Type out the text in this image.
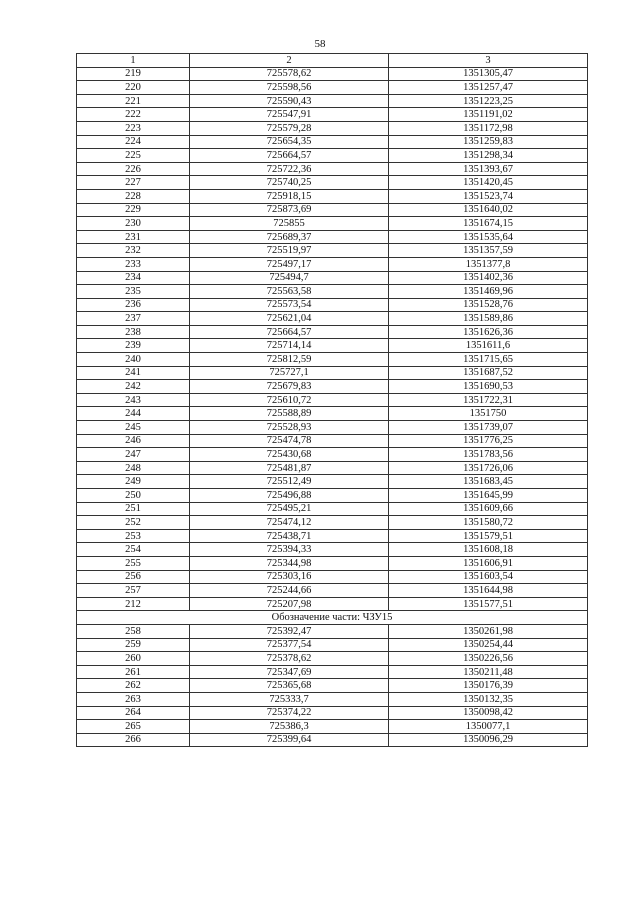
58
1	2	3
219	725578,62	1351305,47
220	725598,56	1351257,47
221	725590,43	1351223,25
222	725547,91	1351191,02
223	725579,28	1351172,98
224	725654,35	1351259,83
225	725664,57	1351298,34
226	725722,36	1351393,67
227	725740,25	1351420,45
228	725918,15	1351523,74
229	725873,69	1351640,02
230	725855	1351674,15
231	725689,37	1351535,64
232	725519,97	1351357,59
233	725497,17	1351377,8
234	725494,7	1351402,36
235	725563,58	1351469,96
236	725573,54	1351528,76
237	725621,04	1351589,86
238	725664,57	1351626,36
239	725714,14	1351611,6
240	725812,59	1351715,65
241	725727,1	1351687,52
242	725679,83	1351690,53
243	725610,72	1351722,31
244	725588,89	1351750
245	725528,93	1351739,07
246	725474,78	1351776,25
247	725430,68	1351783,56
248	725481,87	1351726,06
249	725512,49	1351683,45
250	725496,88	1351645,99
251	725495,21	1351609,66
252	725474,12	1351580,72
253	725438,71	1351579,51
254	725394,33	1351608,18
255	725344,98	1351606,91
256	725303,16	1351603,54
257	725244,66	1351644,98
212	725207,98	1351577,51
Обозначение части: ЧЗУ15		
258	725392,47	1350261,98
259	725377,54	1350254,44
260	725378,62	1350226,56
261	725347,69	1350211,48
262	725365,68	1350176,39
263	725333,7	1350132,35
264	725374,22	1350098,42
265	725386,3	1350077,1
266	725399,64	1350096,29
